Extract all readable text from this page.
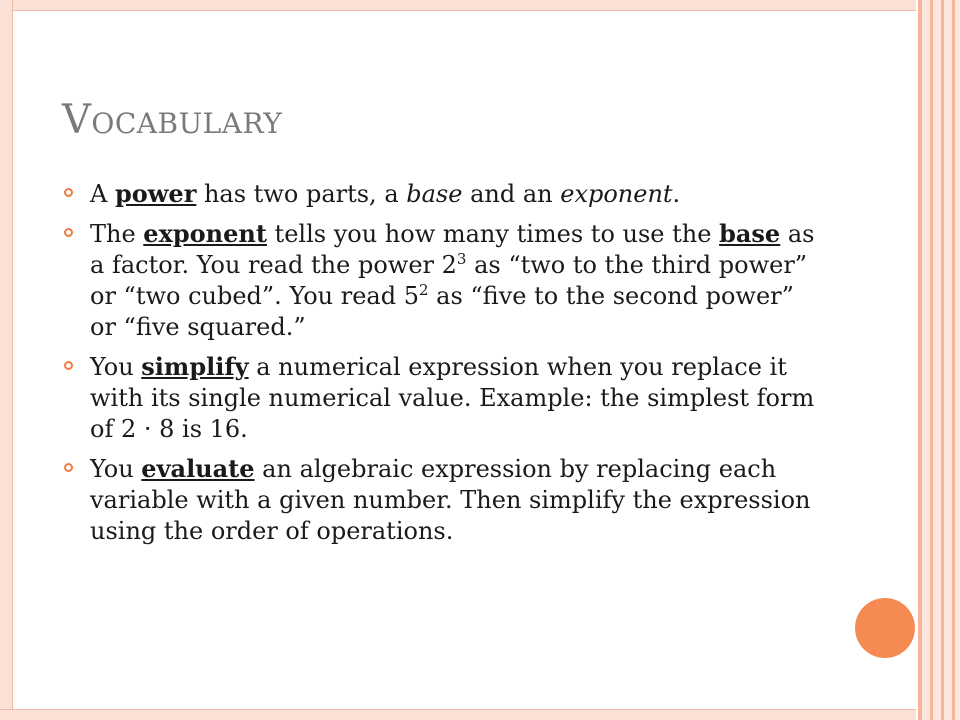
Vocabulary
A power has two parts, a base and an exponent.
The exponent tells you how many times to use the base as a factor. You read the power $2^3$ as “two to the third power” or “two cubed”. You read $5^2$ as “five to the second power” or “five squared.”
You simplify a numerical expression when you replace it with its single numerical value. Example: the simplest form of 2 · 8 is 16.
You evaluate an algebraic expression by replacing each variable with a given number. Then simplify the expression using the order of operations.
